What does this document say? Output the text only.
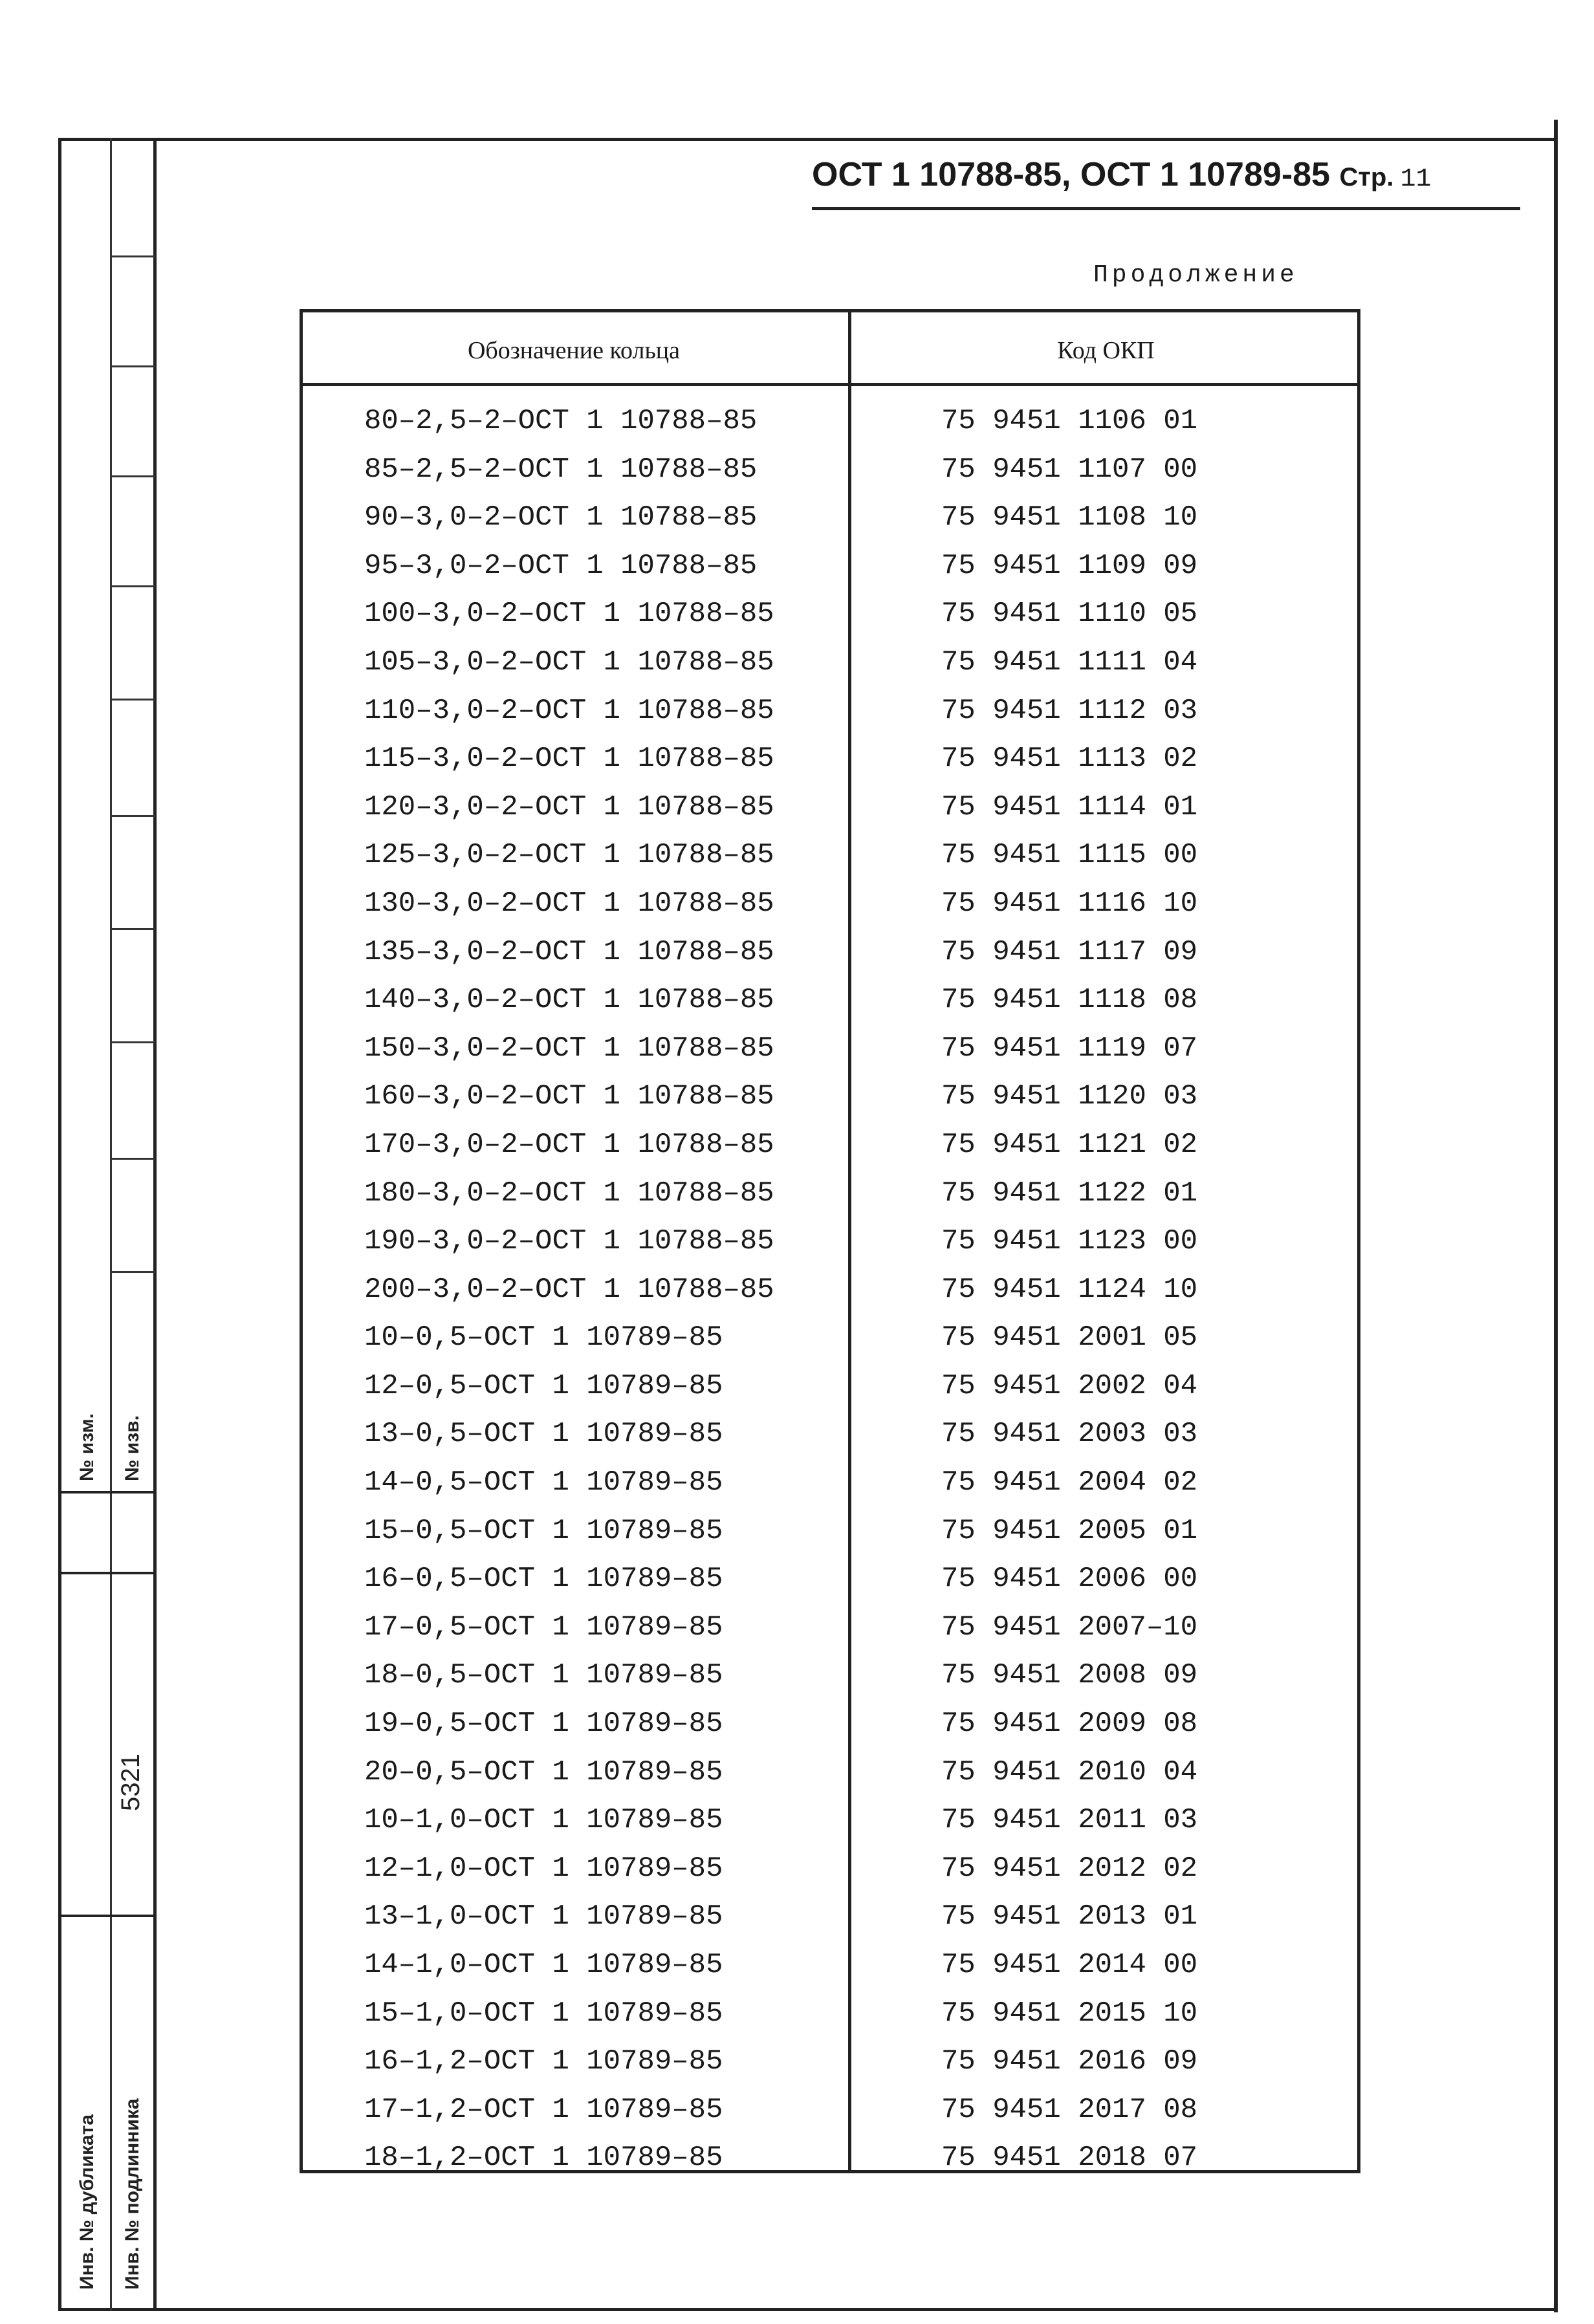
№ изм. № изв.
5321
Инв. № дубликата Инв. № подлинника
ОСТ 1 10788-85, ОСТ 1 10789-85 Стр. 11
Продолжение
Обозначение кольца	Код ОКП
80–2,5–2–ОСТ 1 10788–85	75 9451 1106 01
85–2,5–2–ОСТ 1 10788–85	75 9451 1107 00
90–3,0–2–ОСТ 1 10788–85	75 9451 1108 10
95–3,0–2–ОСТ 1 10788–85	75 9451 1109 09
100–3,0–2–ОСТ 1 10788–85	75 9451 1110 05
105–3,0–2–ОСТ 1 10788–85	75 9451 1111 04
110–3,0–2–ОСТ 1 10788–85	75 9451 1112 03
115–3,0–2–ОСТ 1 10788–85	75 9451 1113 02
120–3,0–2–ОСТ 1 10788–85	75 9451 1114 01
125–3,0–2–ОСТ 1 10788–85	75 9451 1115 00
130–3,0–2–ОСТ 1 10788–85	75 9451 1116 10
135–3,0–2–ОСТ 1 10788–85	75 9451 1117 09
140–3,0–2–ОСТ 1 10788–85	75 9451 1118 08
150–3,0–2–ОСТ 1 10788–85	75 9451 1119 07
160–3,0–2–ОСТ 1 10788–85	75 9451 1120 03
170–3,0–2–ОСТ 1 10788–85	75 9451 1121 02
180–3,0–2–ОСТ 1 10788–85	75 9451 1122 01
190–3,0–2–ОСТ 1 10788–85	75 9451 1123 00
200–3,0–2–ОСТ 1 10788–85	75 9451 1124 10
10–0,5–ОСТ 1 10789–85	75 9451 2001 05
12–0,5–ОСТ 1 10789–85	75 9451 2002 04
13–0,5–ОСТ 1 10789–85	75 9451 2003 03
14–0,5–ОСТ 1 10789–85	75 9451 2004 02
15–0,5–ОСТ 1 10789–85	75 9451 2005 01
16–0,5–ОСТ 1 10789–85	75 9451 2006 00
17–0,5–ОСТ 1 10789–85	75 9451 2007–10
18–0,5–ОСТ 1 10789–85	75 9451 2008 09
19–0,5–ОСТ 1 10789–85	75 9451 2009 08
20–0,5–ОСТ 1 10789–85	75 9451 2010 04
10–1,0–ОСТ 1 10789–85	75 9451 2011 03
12–1,0–ОСТ 1 10789–85	75 9451 2012 02
13–1,0–ОСТ 1 10789–85	75 9451 2013 01
14–1,0–ОСТ 1 10789–85	75 9451 2014 00
15–1,0–ОСТ 1 10789–85	75 9451 2015 10
16–1,2–ОСТ 1 10789–85	75 9451 2016 09
17–1,2–ОСТ 1 10789–85	75 9451 2017 08
18–1,2–ОСТ 1 10789–85	75 9451 2018 07
